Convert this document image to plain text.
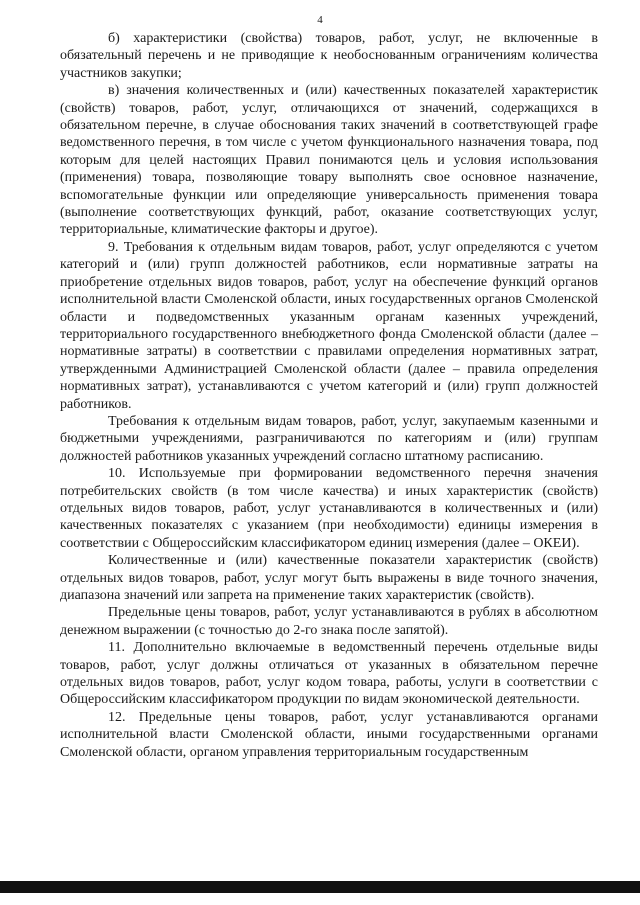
4

б) характеристики (свойства) товаров, работ, услуг, не включенные в обязательный перечень и не приводящие к необоснованным ограничениям количества участников закупки;

в) значения количественных и (или) качественных показателей характеристик (свойств) товаров, работ, услуг, отличающихся от значений, содержащихся в обязательном перечне, в случае обоснования таких значений в соответствующей графе ведомственного перечня, в том числе с учетом функционального назначения товара, под которым для целей настоящих Правил понимаются цель и условия использования (применения) товара, позволяющие товару выполнять свое основное назначение, вспомогательные функции или определяющие универсальность применения товара (выполнение соответствующих функций, работ, оказание соответствующих услуг, территориальные, климатические факторы и другое).

9. Требования к отдельным видам товаров, работ, услуг определяются с учетом категорий и (или) групп должностей работников, если нормативные затраты на приобретение отдельных видов товаров, работ, услуг на обеспечение функций органов исполнительной власти Смоленской области, иных государственных органов Смоленской области и подведомственных указанным органам казенных учреждений, территориального государственного внебюджетного фонда Смоленской области (далее – нормативные затраты) в соответствии с правилами определения нормативных затрат, утвержденными Администрацией Смоленской области (далее – правила определения нормативных затрат), устанавливаются с учетом категорий и (или) групп должностей работников.

Требования к отдельным видам товаров, работ, услуг, закупаемым казенными и бюджетными учреждениями, разграничиваются по категориям и (или) группам должностей работников указанных учреждений согласно штатному расписанию.

10. Используемые при формировании ведомственного перечня значения потребительских свойств (в том числе качества) и иных характеристик (свойств) отдельных видов товаров, работ, услуг устанавливаются в количественных и (или) качественных показателях с указанием (при необходимости) единицы измерения в соответствии с Общероссийским классификатором единиц измерения (далее – ОКЕИ).

Количественные и (или) качественные показатели характеристик (свойств) отдельных видов товаров, работ, услуг могут быть выражены в виде точного значения, диапазона значений или запрета на применение таких характеристик (свойств).

Предельные цены товаров, работ, услуг устанавливаются в рублях в абсолютном денежном выражении (с точностью до 2-го знака после запятой).

11. Дополнительно включаемые в ведомственный перечень отдельные виды товаров, работ, услуг должны отличаться от указанных в обязательном перечне отдельных видов товаров, работ, услуг кодом товара, работы, услуги в соответствии с Общероссийским классификатором продукции по видам экономической деятельности.

12. Предельные цены товаров, работ, услуг устанавливаются органами исполнительной власти Смоленской области, иными государственными органами Смоленской области, органом управления территориальным государственным
